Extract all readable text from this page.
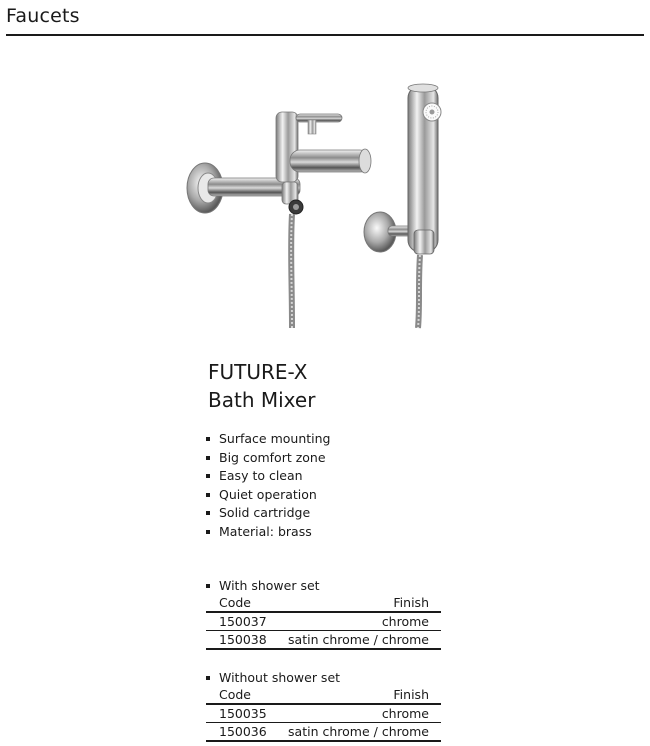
Faucets
FUTURE-X
Bath Mixer
Surface mounting
Big comfort zone
Easy to clean
Quiet operation
Solid cartridge
Material: brass
With shower set
Code	Finish
150037	chrome
150038 satin chrome / chrome
Without shower set
Code	Finish
150035	chrome
150036 satin chrome / chrome
